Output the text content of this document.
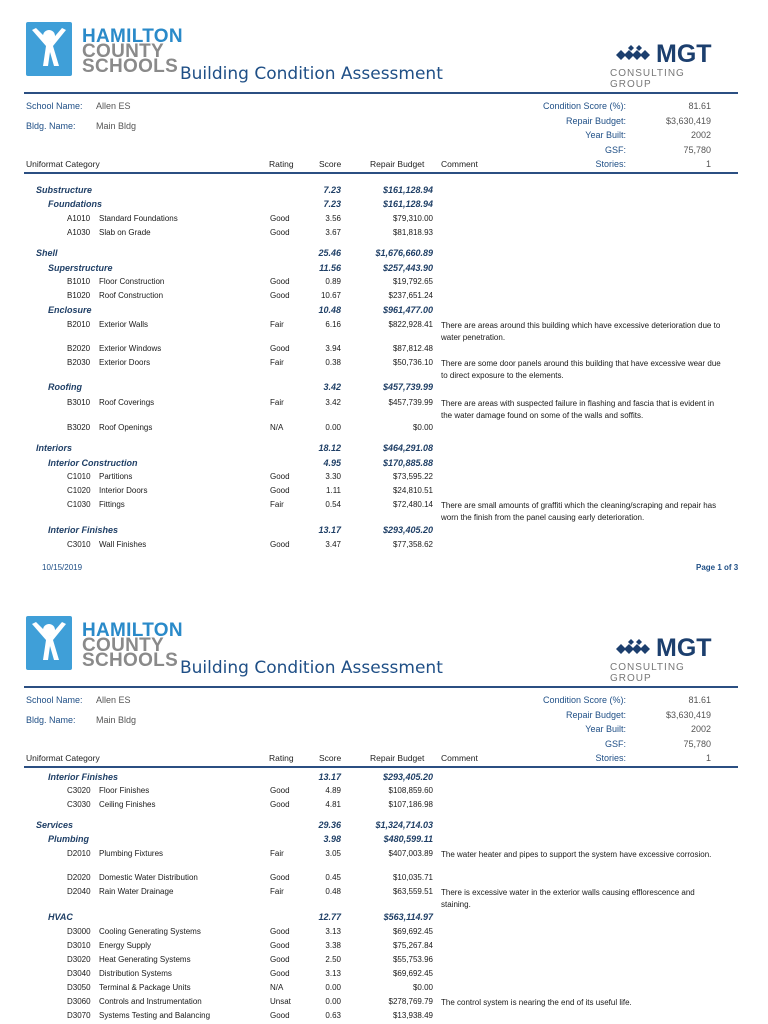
HAMILTON
COUNTY
SCHOOLS Building Condition Assessment
MGT
CONSULTING GROUP
School Name: Allen ES
Bldg. Name: Main Bldg
Condition Score (%):	81.61
Repair Budget:	$3,630,419
Year Built:	2002
GSF:	75,780
Stories:	1
Uniformat Category	Rating	Score	Repair Budget Comment
Substructure	7.23	$161,128.94
Foundations	7.23	$161,128.94
A1010 Standard Foundations	Good	3.56	$79,310.00
A1030 Slab on Grade	Good	3.67	$81,818.93
Shell	25.46	$1,676,660.89
Superstructure	11.56	$257,443.90
B1010 Floor Construction	Good	0.89	$19,792.65
B1020 Roof Construction	Good	10.67	$237,651.24
Enclosure	10.48	$961,477.00
B2010 Exterior Walls	Fair	6.16	$822,928.41 There are areas around this building which have excessive deterioration due to water penetration.
B2020 Exterior Windows	Good	3.94	$87,812.48
B2030 Exterior Doors	Fair	0.38	$50,736.10 There are some door panels around this building that have excessive wear due to direct exposure to the elements.
Roofing	3.42	$457,739.99
B3010 Roof Coverings	Fair	3.42	$457,739.99 There are areas with suspected failure in flashing and fascia that is evident in the water damage found on some of the walls and soffits.
B3020 Roof Openings	N/A	0.00	$0.00
Interiors	18.12	$464,291.08
Interior Construction	4.95	$170,885.88
C1010 Partitions	Good	3.30	$73,595.22
C1020 Interior Doors	Good	1.11	$24,810.51
C1030 Fittings	Fair	0.54	$72,480.14 There are small amounts of graffiti which the cleaning/scraping and repair has worn the finish from the panel causing early deterioration.
Interior Finishes	13.17	$293,405.20
C3010 Wall Finishes	Good	3.47	$77,358.62
10/15/2019	Page 1 of 3
HAMILTON
COUNTY
SCHOOLS Building Condition Assessment
MGT
CONSULTING GROUP
School Name: Allen ES
Bldg. Name: Main Bldg
Condition Score (%):	81.61
Repair Budget:	$3,630,419
Year Built:	2002
GSF:	75,780
Stories:	1
Uniformat Category	Rating	Score	Repair Budget Comment
Interior Finishes	13.17	$293,405.20
C3020 Floor Finishes	Good	4.89	$108,859.60
C3030 Ceiling Finishes	Good	4.81	$107,186.98
Services	29.36	$1,324,714.03
Plumbing	3.98	$480,599.11
D2010 Plumbing Fixtures	Fair	3.05	$407,003.89 The water heater and pipes to support the system have excessive corrosion.
D2020 Domestic Water Distribution	Good	0.45	$10,035.71
D2040 Rain Water Drainage	Fair	0.48	$63,559.51 There is excessive water in the exterior walls causing efflorescence and staining.
HVAC	12.77	$563,114.97
D3000 Cooling Generating Systems	Good	3.13	$69,692.45
D3010 Energy Supply	Good	3.38	$75,267.84
D3020 Heat Generating Systems	Good	2.50	$55,753.96
D3040 Distribution Systems	Good	3.13	$69,692.45
D3050 Terminal & Package Units	N/A	0.00	$0.00
D3060 Controls and Instrumentation	Unsat	0.00	$278,769.79 The control system is nearing the end of its useful life.
D3070 Systems Testing and Balancing	Good	0.63	$13,938.49
